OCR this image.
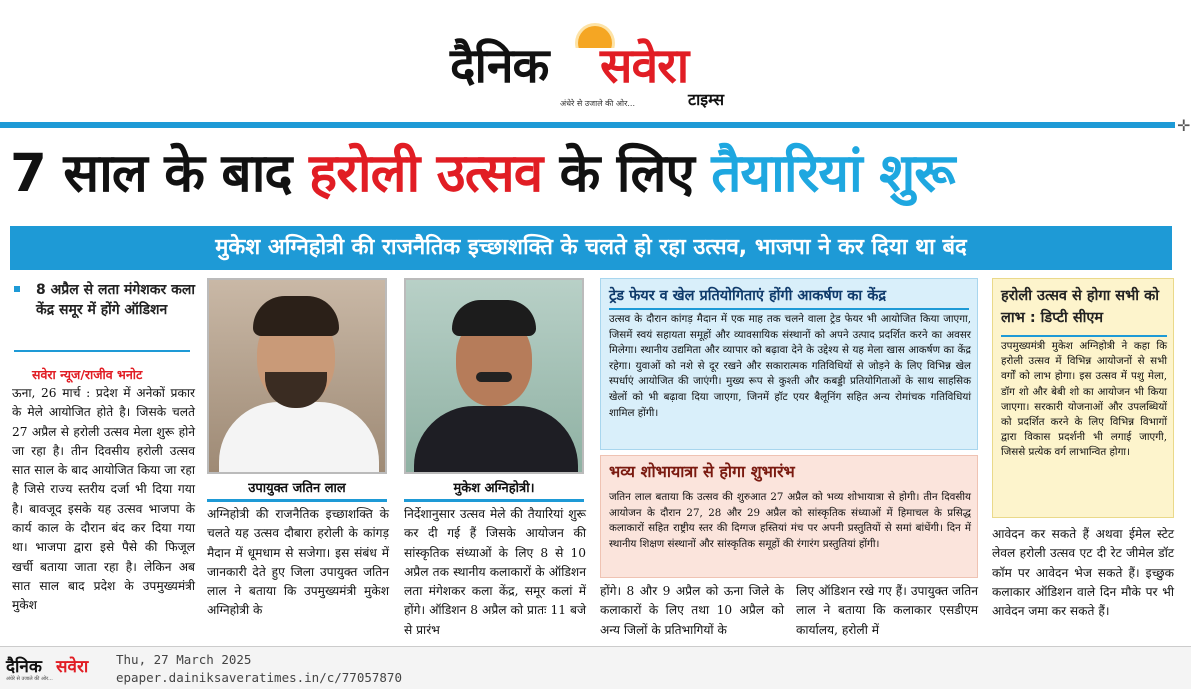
दैनिक सवेरा
अंधेरे से उजाले की ओर...	टाइम्स
✛
7 साल के बाद हरोली उत्सव के लिए तैयारियां शुरू
मुकेश अग्निहोत्री की राजनैतिक इच्छाशक्ति के चलते हो रहा उत्सव, भाजपा ने कर दिया था बंद
8 अप्रैल से लता मंगेशकर कला केंद्र समूर में होंगे ऑडिशन
सवेरा न्यूज/राजीव भनोट
ऊना, 26 मार्च : प्रदेश में अनेकों प्रकार के मेले आयोजित होते है। जिसके चलते 27 अप्रैल से हरोली उत्सव मेला शुरू होने जा रहा है। तीन दिवसीय हरोली उत्सव सात साल के बाद आयोजित किया जा रहा है जिसे राज्य स्तरीय दर्जा भी दिया गया है। बावजूद इसके यह उत्सव भाजपा के कार्य काल के दौरान बंद कर दिया गया था। भाजपा द्वारा इसे पैसे की फिजूल खर्ची बताया जाता रहा है। लेकिन अब सात साल बाद प्रदेश के उपमुख्यमंत्री मुकेश
उपायुक्त जतिन लाल	मुकेश अग्निहोत्री।
अग्निहोत्री की राजनैतिक इच्छाशक्ति के चलते यह उत्सव दौबारा हरोली के कांगड़ मैदान में धूमधाम से सजेगा। इस संबंध में जानकारी देते हुए जिला उपायुक्त जतिन लाल ने बताया कि उपमुख्यमंत्री मुकेश अग्निहोत्री के
निर्देशानुसार उत्सव मेले की तैयारियां शुरू कर दी गई हैं जिसके आयोजन की सांस्कृतिक संध्याओं के लिए 8 से 10 अप्रैल तक स्थानीय कलाकारों के ऑडिशन लता मंगेशकर कला केंद्र, समूर कलां में होंगे। ऑडिशन 8 अप्रैल को प्रातः 11 बजे से प्रारंभ
ट्रेड फेयर व खेल प्रतियोगिताएं होंगी आकर्षण का केंद्र
उत्सव के दौरान कांगड़ मैदान में एक माह तक चलने वाला ट्रेड फेयर भी आयोजित किया जाएगा, जिसमें स्वयं सहायता समूहों और व्यावसायिक संस्थानों को अपने उत्पाद प्रदर्शित करने का अवसर मिलेगा। स्थानीय उद्यमिता और व्यापार को बढ़ावा देने के उद्देश्य से यह मेला खास आकर्षण का केंद्र रहेगा। युवाओं को नशे से दूर रखने और सकारात्मक गतिविधियों से जोड़ने के लिए विभिन्न खेल स्पर्धाएं आयोजित की जाएंगी। मुख्य रूप से कुश्ती और कबड्डी प्रतियोगिताओं के साथ साहसिक खेलों को भी बढ़ावा दिया जाएगा, जिनमें हॉट एयर बैलूनिंग सहित अन्य रोमांचक गतिविधियां शामिल होंगी।
भव्य शोभायात्रा से होगा शुभारंभ
जतिन लाल बताया कि उत्सव की शुरुआत 27 अप्रैल को भव्य शोभायात्रा से होगी। तीन दिवसीय आयोजन के दौरान 27, 28 और 29 अप्रैल को सांस्कृतिक संध्याओं में हिमाचल के प्रसिद्ध कलाकारों सहित राष्ट्रीय स्तर की दिग्गज हस्तियां मंच पर अपनी प्रस्तुतियों से समां बांधेंगी। दिन में स्थानीय शिक्षण संस्थानों और सांस्कृतिक समूहों की रंगारंग प्रस्तुतियां होंगी।
होंगे। 8 और 9 अप्रैल को ऊना जिले के कलाकारों के लिए तथा 10 अप्रैल को अन्य जिलों के प्रतिभागियों के
लिए ऑडिशन रखे गए हैं। उपायुक्त जतिन लाल ने बताया कि कलाकार एसडीएम कार्यालय, हरोली में
हरोली उत्सव से होगा सभी को लाभ : डिप्टी सीएम
उपमुख्यमंत्री मुकेश अग्निहोत्री ने कहा कि हरोली उत्सव में विभिन्न आयोजनों से सभी वर्गों को लाभ होगा। इस उत्सव में पशु मेला, डॉग शो और बेबी शो का आयोजन भी किया जाएगा। सरकारी योजनाओं और उपलब्धियों को प्रदर्शित करने के लिए विभिन्न विभागों द्वारा विकास प्रदर्शनी भी लगाई जाएगी, जिससे प्रत्येक वर्ग लाभान्वित होगा।
आवेदन कर सकते हैं अथवा ईमेल स्टेट लेवल हरोली उत्सव एट दी रेट जीमेल डॉट कॉम पर आवेदन भेज सकते हैं। इच्छुक कलाकार ऑडिशन वाले दिन मौके पर भी आवेदन जमा कर सकते हैं।
दैनिक सवेरा
अंधेरे से उजाले की ओर...
Thu, 27 March 2025
epaper.dainiksaveratimes.in/c/77057870
